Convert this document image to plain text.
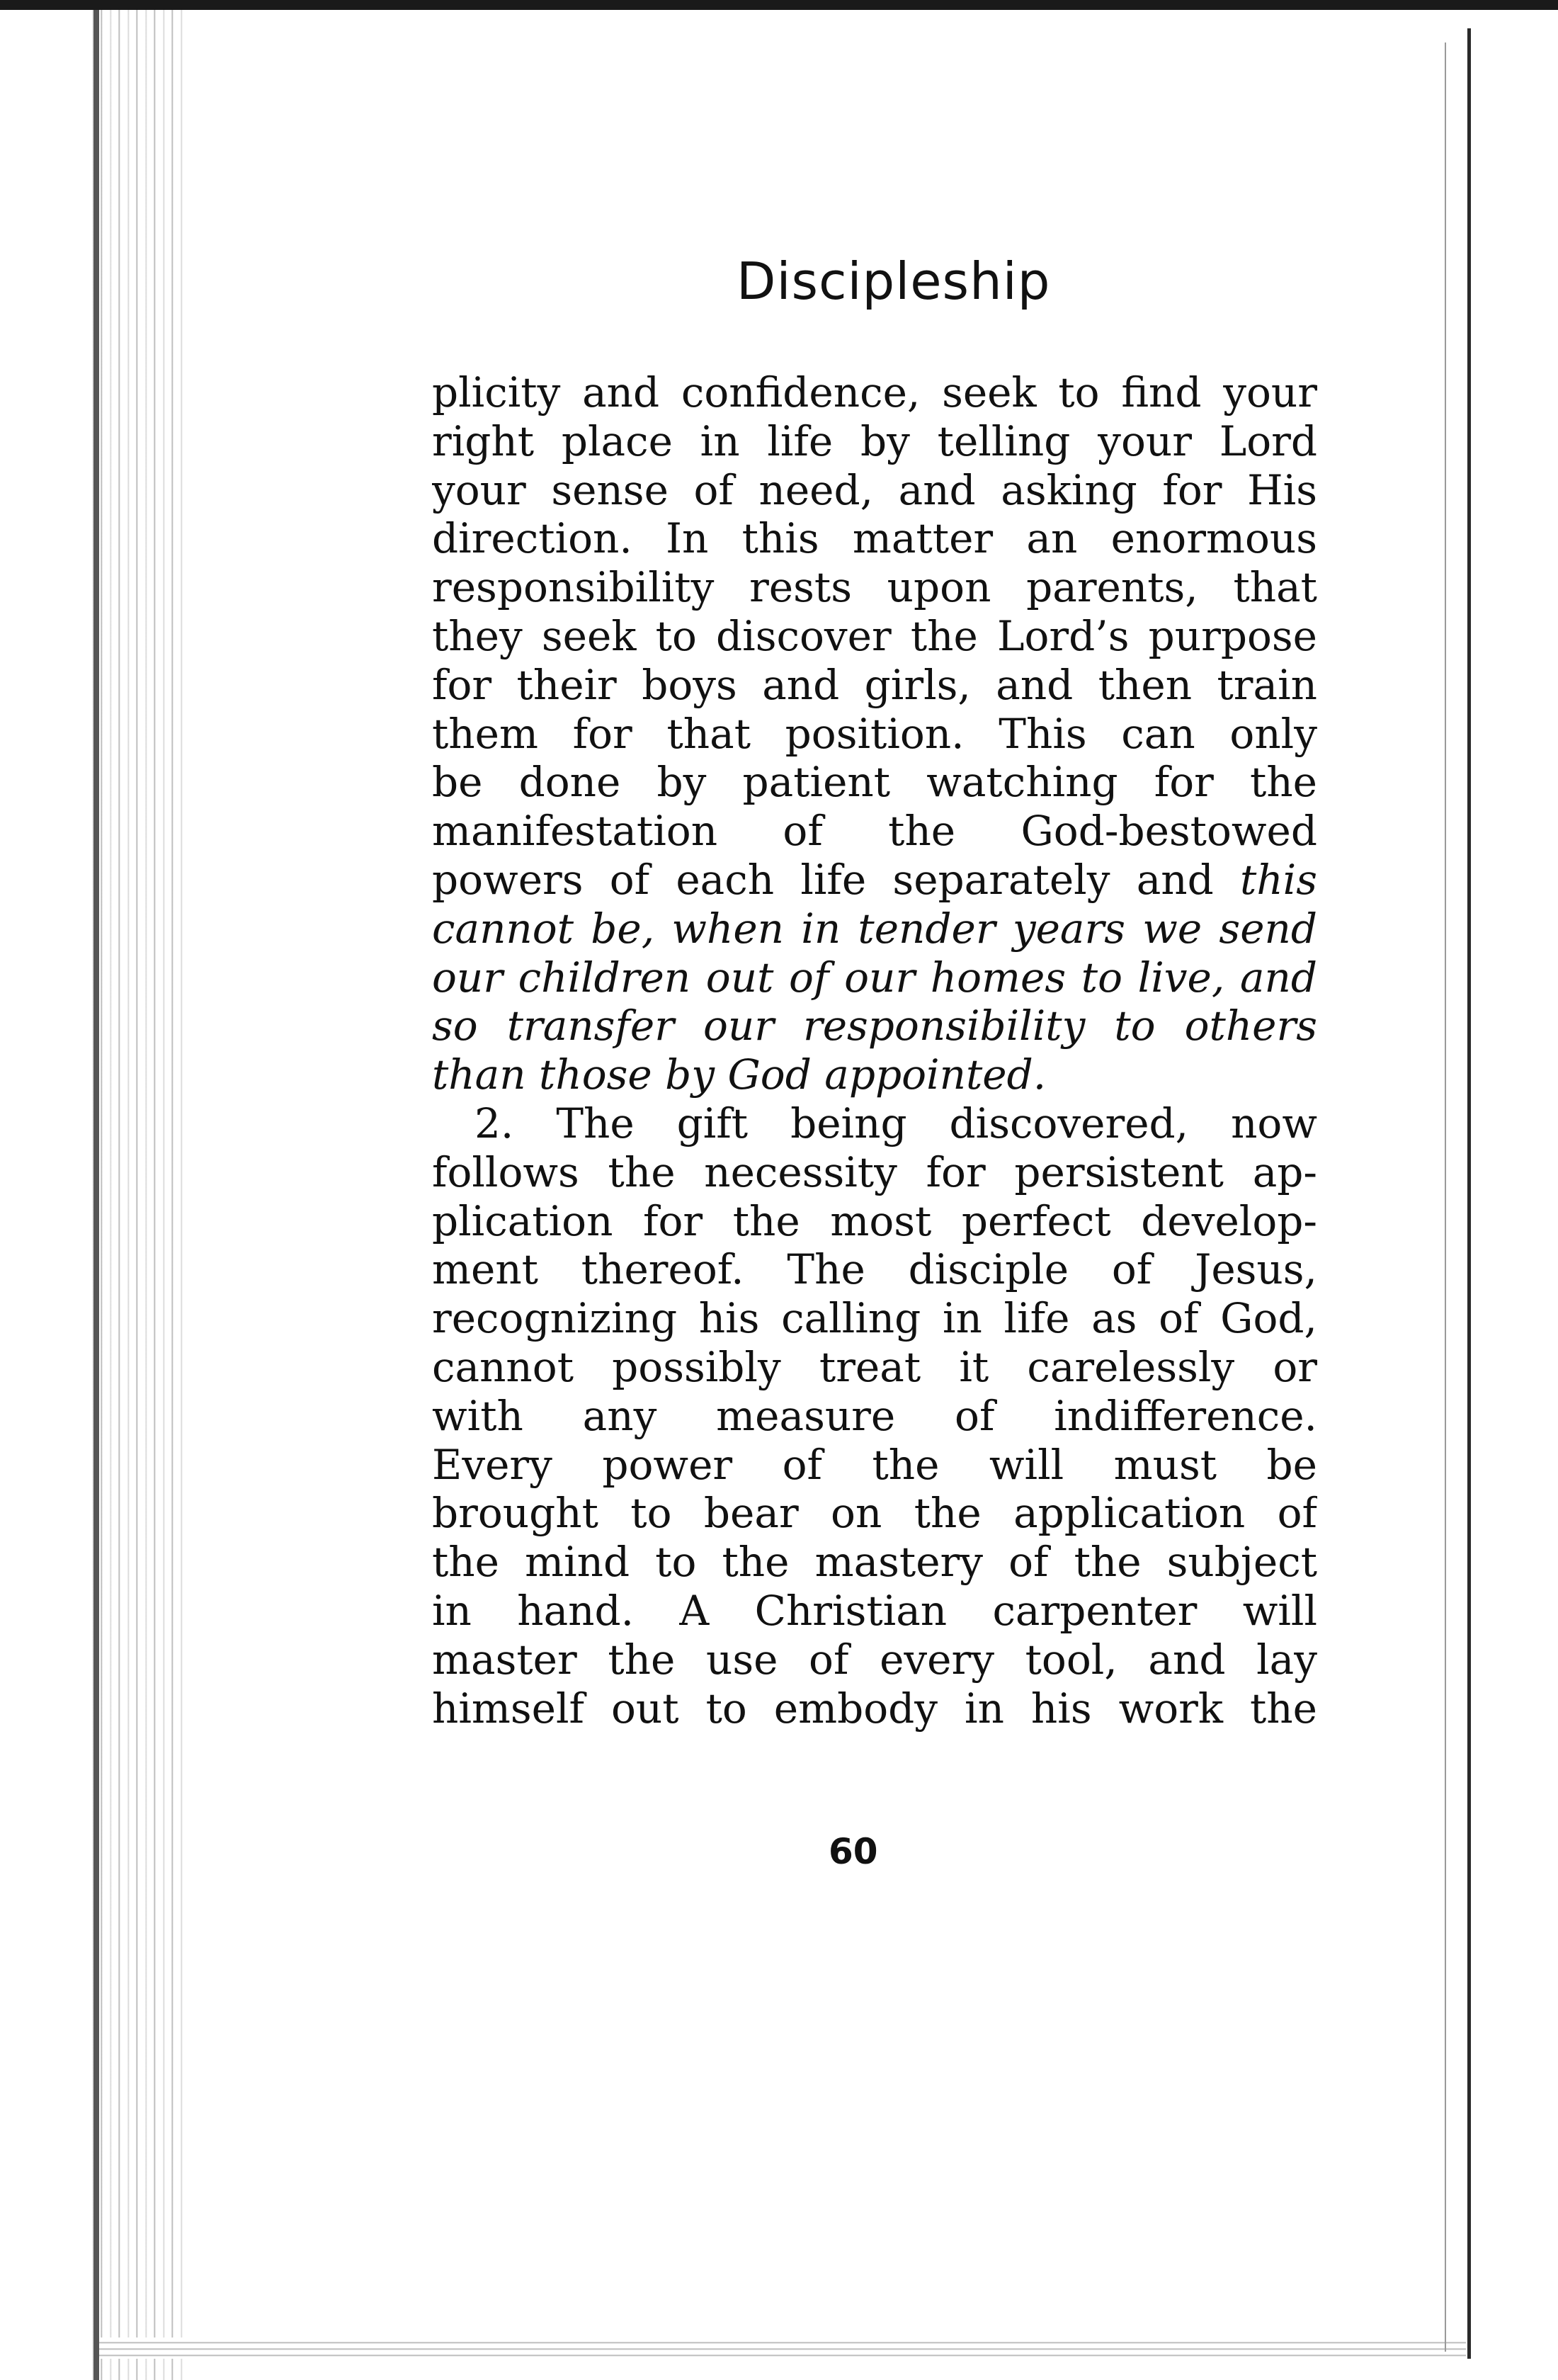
Discipleship
plicity and confidence, seek to find your
right place in life by telling your Lord
your sense of need, and asking for His
direction. In this matter an enormous
responsibility rests upon parents, that
they seek to discover the Lord’s purpose
for their boys and girls, and then train
them for that position. This can only
be done by patient watching for the
manifestation of the God-bestowed
powers of each life separately and this
cannot be, when in tender years we send
our children out of our homes to live, and
so transfer our responsibility to others
than those by God appointed.
2. The gift being discovered, now
follows the necessity for persistent ap-
plication for the most perfect develop-
ment thereof. The disciple of Jesus,
recognizing his calling in life as of God,
cannot possibly treat it carelessly or
with any measure of indifference.
Every power of the will must be
brought to bear on the application of
the mind to the mastery of the subject
in hand. A Christian carpenter will
master the use of every tool, and lay
himself out to embody in his work the
60
